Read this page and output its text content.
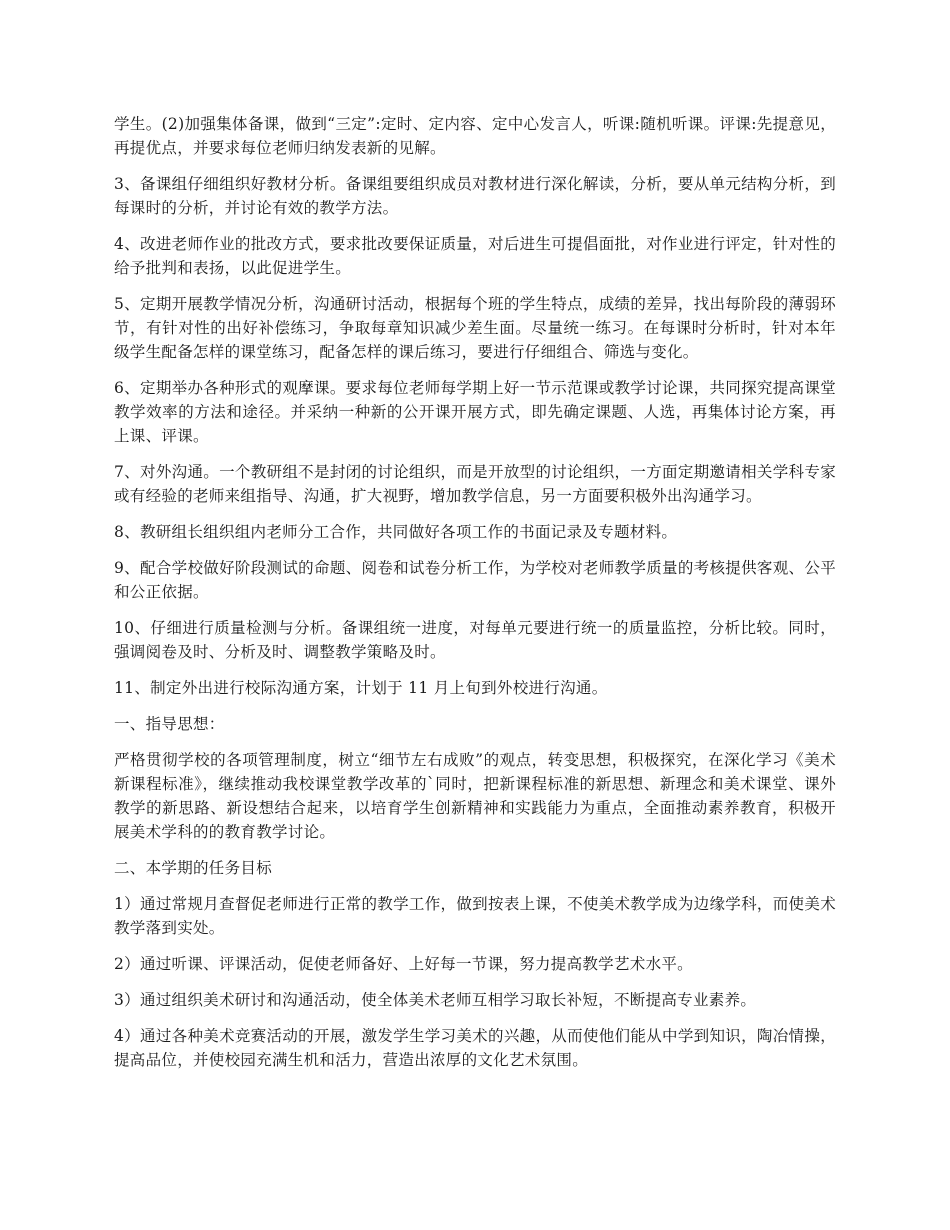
学生。(2)加强集体备课，做到“三定”:定时、定内容、定中心发言人，听课:随机听课。评课:先提意见，再提优点，并要求每位老师归纳发表新的见解。

3、备课组仔细组织好教材分析。备课组要组织成员对教材进行深化解读，分析，要从单元结构分析，到每课时的分析，并讨论有效的教学方法。

4、改进老师作业的批改方式，要求批改要保证质量，对后进生可提倡面批，对作业进行评定，针对性的给予批判和表扬，以此促进学生。

5、定期开展教学情况分析，沟通研讨活动，根据每个班的学生特点，成绩的差异，找出每阶段的薄弱环节，有针对性的出好补偿练习，争取每章知识减少差生面。尽量统一练习。在每课时分析时，针对本年级学生配备怎样的课堂练习，配备怎样的课后练习，要进行仔细组合、筛选与变化。

6、定期举办各种形式的观摩课。要求每位老师每学期上好一节示范课或教学讨论课，共同探究提高课堂教学效率的方法和途径。并采纳一种新的公开课开展方式，即先确定课题、人选，再集体讨论方案，再上课、评课。

7、对外沟通。一个教研组不是封闭的讨论组织，而是开放型的讨论组织，一方面定期邀请相关学科专家或有经验的老师来组指导、沟通，扩大视野，增加教学信息，另一方面要积极外出沟通学习。

8、教研组长组织组内老师分工合作，共同做好各项工作的书面记录及专题材料。

9、配合学校做好阶段测试的命题、阅卷和试卷分析工作，为学校对老师教学质量的考核提供客观、公平和公正依据。

10、仔细进行质量检测与分析。备课组统一进度，对每单元要进行统一的质量监控，分析比较。同时，强调阅卷及时、分析及时、调整教学策略及时。

11、制定外出进行校际沟通方案，计划于 11 月上旬到外校进行沟通。

一、指导思想：

严格贯彻学校的各项管理制度，树立“细节左右成败”的观点，转变思想，积极探究，在深化学习《美术新课程标准》，继续推动我校课堂教学改革的`同时，把新课程标准的新思想、新理念和美术课堂、课外教学的新思路、新设想结合起来，以培育学生创新精神和实践能力为重点，全面推动素养教育，积极开展美术学科的的教育教学讨论。

二、本学期的任务目标

1）通过常规月查督促老师进行正常的教学工作，做到按表上课，不使美术教学成为边缘学科，而使美术教学落到实处。

2）通过听课、评课活动，促使老师备好、上好每一节课，努力提高教学艺术水平。

3）通过组织美术研讨和沟通活动，使全体美术老师互相学习取长补短，不断提高专业素养。

4）通过各种美术竞赛活动的开展，激发学生学习美术的兴趣，从而使他们能从中学到知识，陶冶情操，提高品位，并使校园充满生机和活力，营造出浓厚的文化艺术氛围。
